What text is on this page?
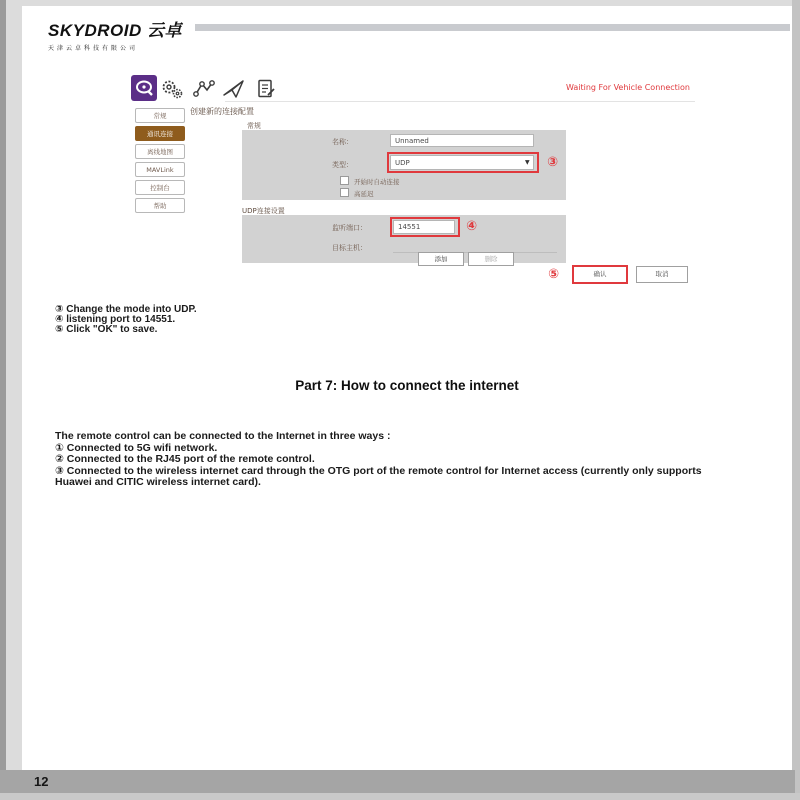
SKYDROID 云卓
天津云卓科技有限公司
Waiting For Vehicle Connection
常规
通讯连接
离线地图
MAVLink
控制台
帮助
创建新的连接配置
常规
名称：	Unnamed
类型：	UDP	▼ ③
开始时自动连接
高延迟
UDP连接设置
监听端口：	14551	④
目标主机：
添加	删除
⑤	确认	取消
③ Change the mode into UDP.
④ listening port to 14551.
⑤ Click "OK" to save.
Part 7: How to connect the internet
The remote control can be connected to the Internet in three ways :
① Connected to 5G wifi network.
② Connected to the RJ45 port of the remote control.
③ Connected to the wireless internet card through the OTG port of the remote control for Internet access (currently only supports Huawei and CITIC wireless internet card).
12
